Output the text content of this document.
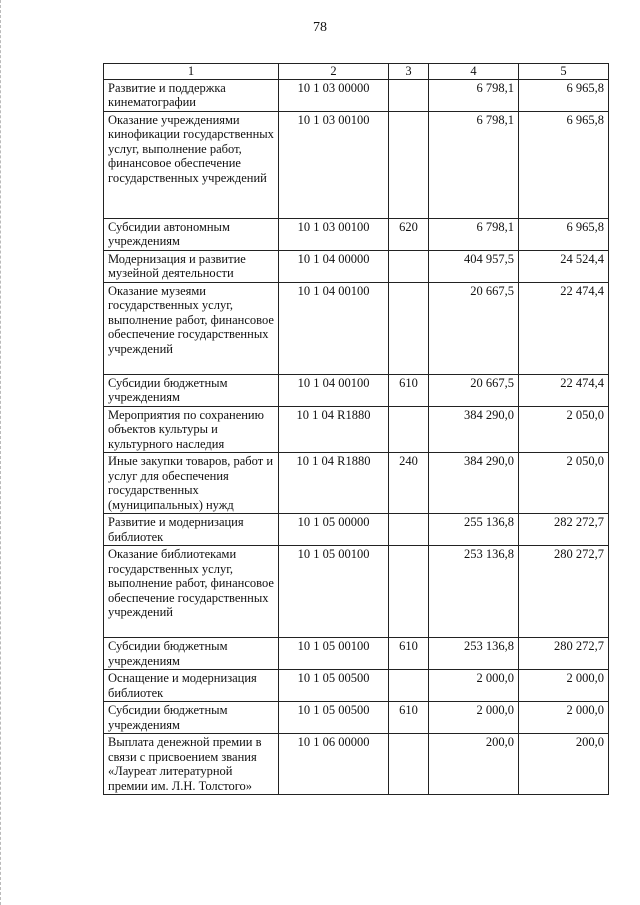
78
1	2	3	4	5
Развитие и поддержка кинематографии	10 1 03 00000		6 798,1	6 965,8
Оказание учреждениями кинофикации государственных услуг, выполнение работ, финансовое обеспечение государственных учреждений	10 1 03 00100		6 798,1	6 965,8
Субсидии автономным учреждениям	10 1 03 00100	620	6 798,1	6 965,8
Модернизация и развитие музейной деятельности	10 1 04 00000		404 957,5	24 524,4
Оказание музеями государственных услуг, выполнение работ, финансовое обеспечение государственных учреждений	10 1 04 00100		20 667,5	22 474,4
Субсидии бюджетным учреждениям	10 1 04 00100	610	20 667,5	22 474,4
Мероприятия по сохранению объектов культуры и культурного наследия	10 1 04 R1880		384 290,0	2 050,0
Иные закупки товаров, работ и услуг для обеспечения государственных (муниципальных) нужд	10 1 04 R1880	240	384 290,0	2 050,0
Развитие и модернизация библиотек	10 1 05 00000		255 136,8	282 272,7
Оказание библиотеками государственных услуг, выполнение работ, финансовое обеспечение государственных учреждений	10 1 05 00100		253 136,8	280 272,7
Субсидии бюджетным учреждениям	10 1 05 00100	610	253 136,8	280 272,7
Оснащение и модернизация библиотек	10 1 05 00500		2 000,0	2 000,0
Субсидии бюджетным учреждениям	10 1 05 00500	610	2 000,0	2 000,0
Выплата денежной премии в связи с присвоением звания «Лауреат литературной премии им. Л.Н. Толстого»	10 1 06 00000		200,0	200,0
